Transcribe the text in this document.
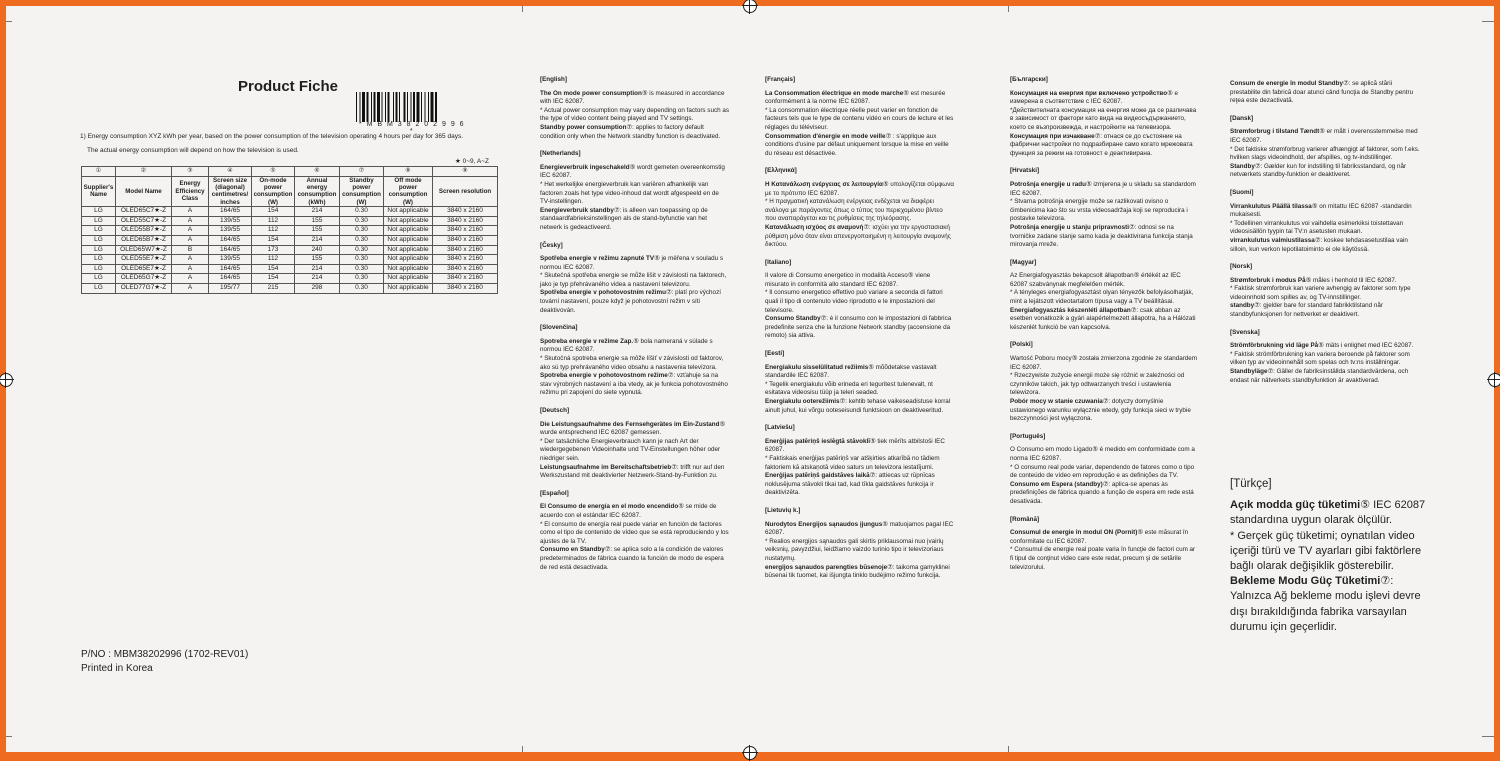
Product Fiche
* M B M 3 8 2 0 2 9 9 6 *
1) Energy consumption XYZ kWh per year, based on the power consumption of the television operating 4 hours per day for 365 days.
The actual energy consumption will depend on how the television is used.
★ 0~9, A~Z
①	②	③	④	⑤	⑥	⑦	⑧	⑨
Supplier's Name	Model Name	Energy Efficiency Class	Screen size (diagonal) centimetres/ inches	On-mode power consumption (W)	Annual energy consumption (kWh)	Standby power consumption (W)	Off mode power consumption (W)	Screen resolution
LG	OLED65C7★-Z	A	164/65	154	214	0.30	Not applicable	3840 x 2160
LG	OLED55C7★-Z	A	139/55	112	155	0.30	Not applicable	3840 x 2160
LG	OLED55B7★-Z	A	139/55	112	155	0.30	Not applicable	3840 x 2160
LG	OLED65B7★-Z	A	164/65	154	214	0.30	Not applicable	3840 x 2160
LG	OLED65W7★-Z	B	164/65	173	240	0.30	Not applicable	3840 x 2160
LG	OLED55E7★-Z	A	139/55	112	155	0.30	Not applicable	3840 x 2160
LG	OLED65E7★-Z	A	164/65	154	214	0.30	Not applicable	3840 x 2160
LG	OLED65G7★-Z	A	164/65	154	214	0.30	Not applicable	3840 x 2160
LG	OLED77G7★-Z	A	195/77	215	298	0.30	Not applicable	3840 x 2160
P/NO : MBM38202996 (1702-REV01)
Printed in Korea
[English]

The On mode power consumption⑤ is measured in accordance with IEC 62087.

* Actual power consumption may vary depending on factors such as the type of video content being played and TV settings.

Standby power consumption⑦: applies to factory default condition only when the Network standby function is deactivated.

[Netherlands]

Energieverbruik ingeschakeld⑤ wordt gemeten overeenkomstig IEC 62087.

* Het werkelijke energieverbruik kan variëren afhankelijk van factoren zoals het type video-inhoud dat wordt afgespeeld en de TV-instellingen.

Energieverbruik standby⑦: is alleen van toepassing op de standaardfabrieksinstellingen als de stand-byfunctie van het netwerk is gedeactiveerd.

[Česky]

Spotřeba energie v režimu zapnuté TV⑤ je měřena v souladu s normou IEC 62087.

* Skutečná spotřeba energie se může lišit v závislosti na faktorech, jako je typ přehrávaného videa a nastavení televizoru.

Spotřeba energie v pohotovostním režimu⑦: platí pro výchozí tovární nastavení, pouze když je pohotovostní režim v síti deaktivován.

[Slovenčina]

Spotreba energie v režime Zap.⑤ bola nameraná v súlade s normou IEC 62087.

* Skutočná spotreba energie sa môže líšiť v závislosti od faktorov, ako sú typ prehrávaného video obsahu a nastavenia televízora.

Spotreba energie v pohotovostnom režime⑦: vzťahuje sa na stav výrobných nastavení a iba vtedy, ak je funkcia pohotovostného režimu pri zapojení do siete vypnutá.

[Deutsch]

Die Leistungsaufnahme des Fernsehgerätes im Ein-Zustand⑤ wurde entsprechend IEC 62087 gemessen.

* Der tatsächliche Energieverbrauch kann je nach Art der wiedergegebenen Videoinhalte und TV-Einstellungen höher oder niedriger sein.

Leistungsaufnahme im Bereitschaftsbetrieb⑦: trifft nur auf den Werkszustand mit deaktivierter Netzwerk-Stand-by-Funktion zu.

[Español]

El Consumo de energía en el modo encendido⑤ se mide de acuerdo con el estándar IEC 62087.

* El consumo de energía real puede variar en función de factores como el tipo de contenido de vídeo que se está reproduciendo y los ajustes de la TV.

Consumo en Standby⑦: se aplica solo a la condición de valores predeterminados de fábrica cuando la función de modo de espera de red está desactivada.

[Français]

La Consommation électrique en mode marche⑤ est mesurée conformément à la norme IEC 62087.

* La consommation électrique réelle peut varier en fonction de facteurs tels que le type de contenu vidéo en cours de lecture et les réglages du téléviseur.

Consommation d'énergie en mode veille⑦ : s'applique aux conditions d'usine par défaut uniquement lorsque la mise en veille du réseau est désactivée.

[Ελληνικά]

Η Κατανάλωση ενέργειας σε λειτουργία⑤ υπολογίζεται σύμφωνα με το πρότυπο IEC 62087.

* Η πραγματική κατανάλωση ενέργειας ενδέχεται να διαφέρει ανάλογα με παράγοντες όπως ο τύπος του περιεχομένου βίντεο που αναπαράγεται και τις ρυθμίσεις της τηλεόρασης.

Κατανάλωση ισχύος σε αναμονή⑦: ισχύει για την εργοστασιακή ρύθμιση μόνο όταν είναι απενεργοποιημένη η λειτουργία αναμονής δικτύου.

[Italiano]

Il valore di Consumo energetico in modalità Acceso⑤ viene misurato in conformità allo standard IEC 62087.

* Il consumo energetico effettivo può variare a seconda di fattori quali il tipo di contenuto video riprodotto e le impostazioni del televisore.

Consumo Standby⑦: è il consumo con le impostazioni di fabbrica predefinite senza che la funzione Network standby (accensione da remoto) sia attiva.

[Eesti]

Energiakulu sisselülitatud režiimis⑤ mõõdetakse vastavalt standardile IEC 62087.

* Tegelik energiakulu võib erineda eri teguritest tulenevalt, nt esitatava videosisu tüüp ja teleri seaded.

Energiakulu ooterežiimis⑦: kehtib tehase vaikeseadistuse korral ainult juhul, kui võrgu ooteseisundi funktsioon on deaktiveeritud.

[Latviešu]

Enerģijas patēriņš ieslēgtā stāvoklī⑤ tiek mērīts atbilstoši IEC 62087.

* Faktiskais enerģijas patēriņš var atšķirties atkarībā no tādiem faktoriem kā atskaņotā video saturs un televizora iestatījumi.

Enerģijas patēriņš gaidstāves laikā⑦: attiecas uz rūpnīcas noklusējuma stāvokli tikai tad, kad tīkla gaidstāves funkcija ir deaktivizēta.

[Lietuvių k.]

Nurodytos Energijos sąnaudos įjungus⑤ matuojamos pagal IEC 62087.

* Realios energijos sąnaudos gali skirtis priklausomai nuo įvairių veiksnių, pavyzdžiui, leidžiamo vaizdo turinio tipo ir televizoriaus nustatymų.

energijos sąnaudos parengties būsenoje⑦: taikoma gamyklinei būsenai tik tuomet, kai išjungta tinklo budėjimo režimo funkcija.

[Български]

Консумация на енергия при включено устройство⑤ е измерена в съответствие с IEC 62087.

*Действителната консумация на енергия може да се различава в зависимост от фактори като вида на видеосъдържанието, което се възпроизвежда, и настройките на телевизора.

Консумация при изчакване⑦: отнася се до състояние на фабрични настройки по подразбиране само когато мрежовата функция за режим на готовност е деактивирана.

[Hrvatski]

Potrošnja energije u radu⑤ izmjerena je u skladu sa standardom IEC 62087.

* Stvarna potrošnja energije može se razlikovati ovisno o čimbenicima kao što su vrsta videosadržaja koji se reproducira i postavke televizora.

Potrošnja energije u stanju pripravnosti⑦: odnosi se na tvorničke zadane stanje samo kada je deaktivirana funkcija stanja mirovanja mreže.

[Magyar]

Az Energiafogyasztás bekapcsolt állapotban⑤ értékét az IEC 62087 szabványnak megfelelően mérték.

* A tényleges energiafogyasztást olyan tényezők befolyásolhatják, mint a lejátszott videotartalom típusa vagy a TV beállításai.

Energiafogyasztás készenléti állapotban⑦: csak abban az esetben vonatkozik a gyári alapértelmezett állapotra, ha a Hálózati készenlét funkció be van kapcsolva.

[Polski]

Wartość Poboru mocy⑤ została zmierzona zgodnie ze standardem IEC 62087.

* Rzeczywiste zużycie energii może się różnić w zależności od czynników takich, jak typ odtwarzanych treści i ustawienia telewizora.

Pobór mocy w stanie czuwania⑦: dotyczy domyślnie ustawionego warunku wyłącznie wtedy, gdy funkcja sieci w trybie bezczynności jest wyłączona.

[Português]

O Consumo em modo Ligado⑤ é medido em conformidade com a norma IEC 62087.

* O consumo real pode variar, dependendo de fatores como o tipo de conteúdo de vídeo em reprodução e as definições da TV.

Consumo em Espera (standby)⑦: aplica-se apenas às predefinições de fábrica quando a função de espera em rede está desativada.

[Română]

Consumul de energie în modul ON (Pornit)⑤ este măsurat în conformitate cu IEC 62087.

* Consumul de energie real poate varia în funcţie de factori cum ar fi tipul de conţinut video care este redat, precum şi de setările televizorului.

Consum de energie în modul Standby⑦: se aplică stării prestabilite din fabrică doar atunci când funcţia de Standby pentru reţea este dezactivată.

[Dansk]

Strømforbrug i tilstand Tændt⑤ er målt i overensstemmelse med IEC 62087.

* Det faktiske strømforbrug varierer afhængigt af faktorer, som f.eks. hvilken slags videoindhold, der afspilles, og tv-indstillinger.

Standby⑦: Gælder kun for indstilling til fabriksstandard, og når netværkets standby-funktion er deaktiveret.

[Suomi]

Virrankulutus Päällä tilassa⑤ on mitattu IEC 62087 -standardin mukaisesti.

* Todellinen virrankulutus voi vaihdella esimerkiksi toistettavan videosisällön tyypin tai TV:n asetusten mukaan.

virrankulutus valmiustilassa⑦: koskee tehdasasetustilaa vain silloin, kun verkon lepotilatoiminto ei ole käytössä.

[Norsk]

Strømforbruk i modus På⑤ måles i henhold til IEC 62087.

* Faktisk strømforbruk kan variere avhengig av faktorer som type videoinnhold som spilles av, og TV-innstillinger.

standby⑦: gjelder bare for standard fabrikktilstand når standbyfunksjonen for nettverket er deaktivert.

[Svenska]

Strömförbrukning vid läge På⑤ mäts i enlighet med IEC 62087.

* Faktisk strömförbrukning kan variera beroende på faktorer som vilken typ av videoinnehåll som spelas och tv:ns inställningar.

Standbyläge⑦: Gäller de fabriksinställda standardvärdena, och endast när nätverkets standbyfunktion är avaktiverad.

[Türkçe]

Açık modda güç tüketimi⑤ IEC 62087 standardına uygun olarak ölçülür.

* Gerçek güç tüketimi; oynatılan video içeriği türü ve TV ayarları gibi faktörlere bağlı olarak değişiklik gösterebilir.

Bekleme Modu Güç Tüketimi⑦: Yalnızca Ağ bekleme modu işlevi devre dışı bırakıldığında fabrika varsayılan durumu için geçerlidir.
